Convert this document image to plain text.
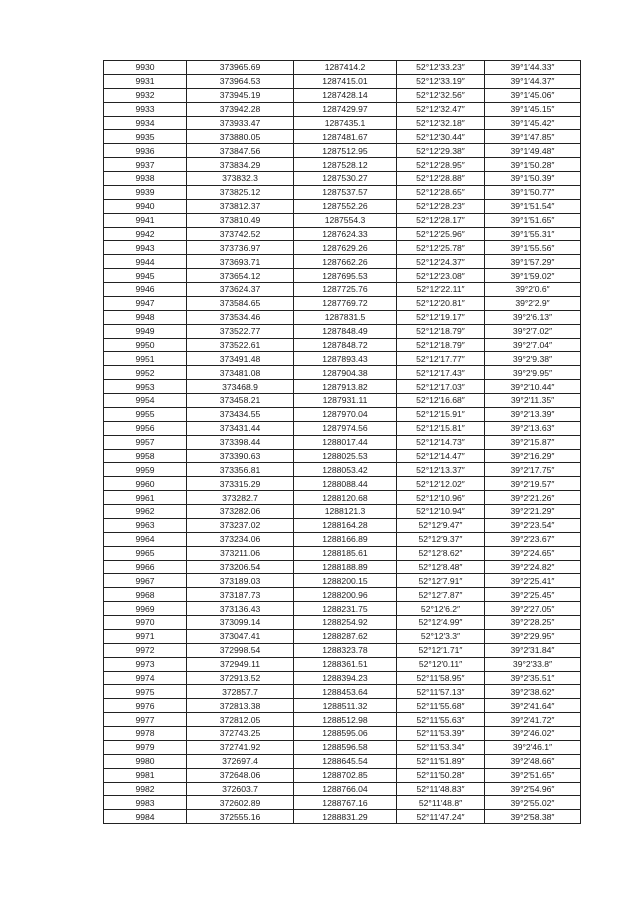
9930	373965.69	1287414.2	52°12′33.23″	39°1′44.33″
9931	373964.53	1287415.01	52°12′33.19″	39°1′44.37″
9932	373945.19	1287428.14	52°12′32.56″	39°1′45.06″
9933	373942.28	1287429.97	52°12′32.47″	39°1′45.15″
9934	373933.47	1287435.1	52°12′32.18″	39°1′45.42″
9935	373880.05	1287481.67	52°12′30.44″	39°1′47.85″
9936	373847.56	1287512.95	52°12′29.38″	39°1′49.48″
9937	373834.29	1287528.12	52°12′28.95″	39°1′50.28″
9938	373832.3	1287530.27	52°12′28.88″	39°1′50.39″
9939	373825.12	1287537.57	52°12′28.65″	39°1′50.77″
9940	373812.37	1287552.26	52°12′28.23″	39°1′51.54″
9941	373810.49	1287554.3	52°12′28.17″	39°1′51.65″
9942	373742.52	1287624.33	52°12′25.96″	39°1′55.31″
9943	373736.97	1287629.26	52°12′25.78″	39°1′55.56″
9944	373693.71	1287662.26	52°12′24.37″	39°1′57.29″
9945	373654.12	1287695.53	52°12′23.08″	39°1′59.02″
9946	373624.37	1287725.76	52°12′22.11″	39°2′0.6″
9947	373584.65	1287769.72	52°12′20.81″	39°2′2.9″
9948	373534.46	1287831.5	52°12′19.17″	39°2′6.13″
9949	373522.77	1287848.49	52°12′18.79″	39°2′7.02″
9950	373522.61	1287848.72	52°12′18.79″	39°2′7.04″
9951	373491.48	1287893.43	52°12′17.77″	39°2′9.38″
9952	373481.08	1287904.38	52°12′17.43″	39°2′9.95″
9953	373468.9	1287913.82	52°12′17.03″	39°2′10.44″
9954	373458.21	1287931.11	52°12′16.68″	39°2′11.35″
9955	373434.55	1287970.04	52°12′15.91″	39°2′13.39″
9956	373431.44	1287974.56	52°12′15.81″	39°2′13.63″
9957	373398.44	1288017.44	52°12′14.73″	39°2′15.87″
9958	373390.63	1288025.53	52°12′14.47″	39°2′16.29″
9959	373356.81	1288053.42	52°12′13.37″	39°2′17.75″
9960	373315.29	1288088.44	52°12′12.02″	39°2′19.57″
9961	373282.7	1288120.68	52°12′10.96″	39°2′21.26″
9962	373282.06	1288121.3	52°12′10.94″	39°2′21.29″
9963	373237.02	1288164.28	52°12′9.47″	39°2′23.54″
9964	373234.06	1288166.89	52°12′9.37″	39°2′23.67″
9965	373211.06	1288185.61	52°12′8.62″	39°2′24.65″
9966	373206.54	1288188.89	52°12′8.48″	39°2′24.82″
9967	373189.03	1288200.15	52°12′7.91″	39°2′25.41″
9968	373187.73	1288200.96	52°12′7.87″	39°2′25.45″
9969	373136.43	1288231.75	52°12′6.2″	39°2′27.05″
9970	373099.14	1288254.92	52°12′4.99″	39°2′28.25″
9971	373047.41	1288287.62	52°12′3.3″	39°2′29.95″
9972	372998.54	1288323.78	52°12′1.71″	39°2′31.84″
9973	372949.11	1288361.51	52°12′0.11″	39°2′33.8″
9974	372913.52	1288394.23	52°11′58.95″	39°2′35.51″
9975	372857.7	1288453.64	52°11′57.13″	39°2′38.62″
9976	372813.38	1288511.32	52°11′55.68″	39°2′41.64″
9977	372812.05	1288512.98	52°11′55.63″	39°2′41.72″
9978	372743.25	1288595.06	52°11′53.39″	39°2′46.02″
9979	372741.92	1288596.58	52°11′53.34″	39°2′46.1″
9980	372697.4	1288645.54	52°11′51.89″	39°2′48.66″
9981	372648.06	1288702.85	52°11′50.28″	39°2′51.65″
9982	372603.7	1288766.04	52°11′48.83″	39°2′54.96″
9983	372602.89	1288767.16	52°11′48.8″	39°2′55.02″
9984	372555.16	1288831.29	52°11′47.24″	39°2′58.38″
